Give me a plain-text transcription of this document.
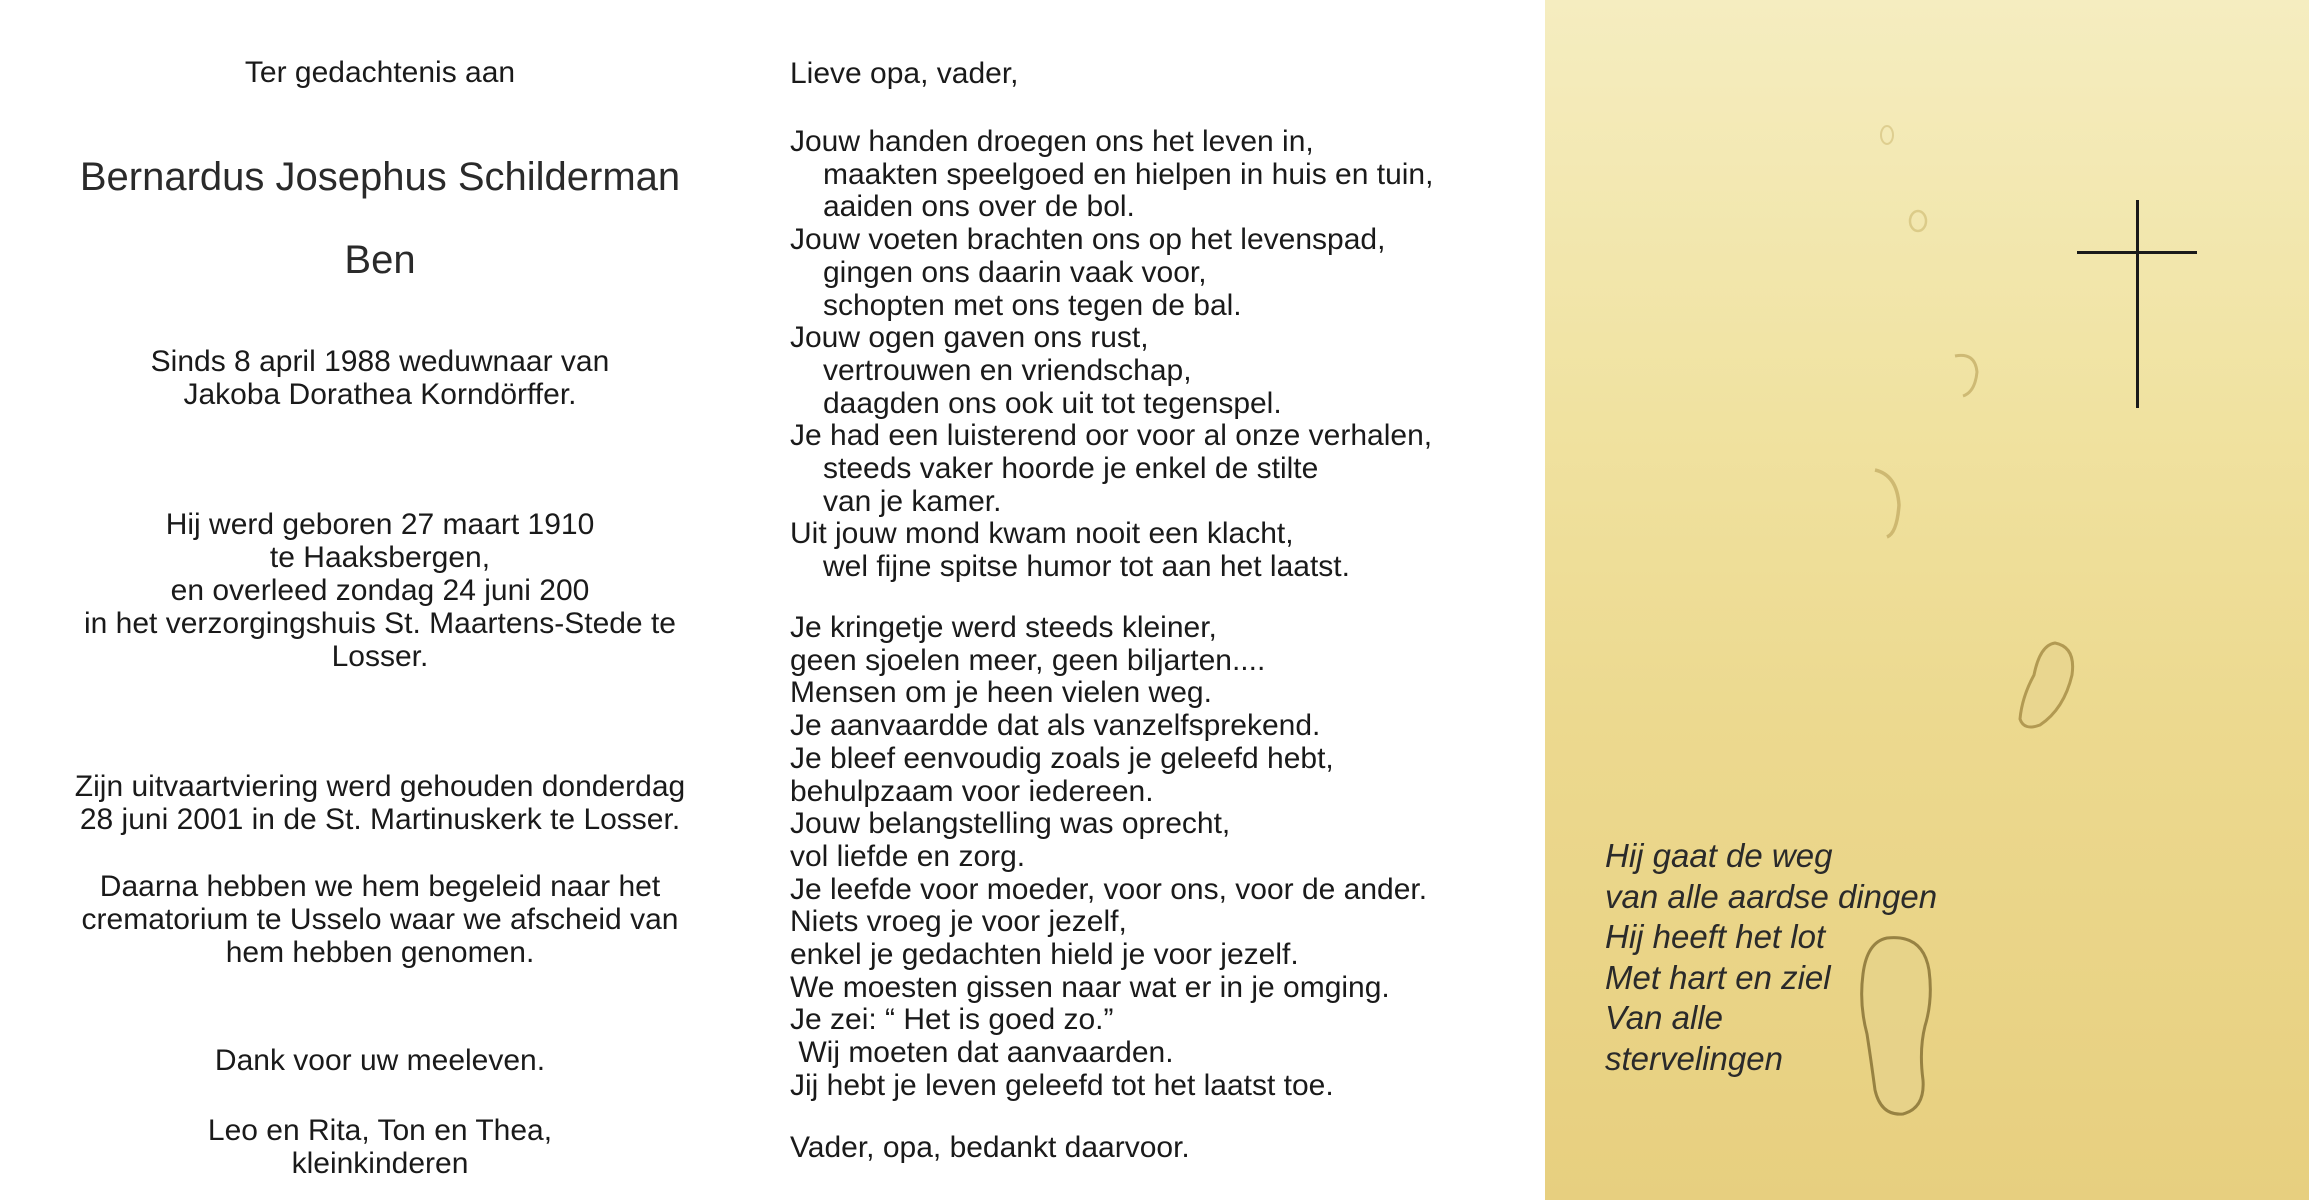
Ter gedachtenis aan
Bernardus Josephus Schilderman
Ben
Sinds 8 april 1988 weduwnaar van
Jakoba Dorathea Korndörffer.
Hij werd geboren 27 maart 1910
te Haaksbergen,
en overleed zondag 24 juni 200
in het verzorgingshuis St. Maartens-Stede te
Losser.
Zijn uitvaartviering werd gehouden donderdag
28 juni 2001 in de St. Martinuskerk te Losser.
Daarna hebben we hem begeleid naar het
crematorium te Usselo waar we afscheid van
hem hebben genomen.
Dank voor uw meeleven.
Leo en Rita, Ton en Thea,
kleinkinderen
Lieve opa, vader,
Jouw handen droegen ons het leven in,
maakten speelgoed en hielpen in huis en tuin,
aaiden ons over de bol.
Jouw voeten brachten ons op het levenspad,
gingen ons daarin vaak voor,
schopten met ons tegen de bal.
Jouw ogen gaven ons rust,
vertrouwen en vriendschap,
daagden ons ook uit tot tegenspel.
Je had een luisterend oor voor al onze verhalen,
steeds vaker hoorde je enkel de stilte
van je kamer.
Uit jouw mond kwam nooit een klacht,
wel fijne spitse humor tot aan het laatst.
Je kringetje werd steeds kleiner,
geen sjoelen meer, geen biljarten....
Mensen om je heen vielen weg.
Je aanvaardde dat als vanzelfsprekend.
Je bleef eenvoudig zoals je geleefd hebt,
behulpzaam voor iedereen.
Jouw belangstelling was oprecht,
vol liefde en zorg.
Je leefde voor moeder, voor ons, voor de ander.
Niets vroeg je voor jezelf,
enkel je gedachten hield je voor jezelf.
We moesten gissen naar wat er in je omging.
Je zei: “ Het is goed zo.”
Wij moeten dat aanvaarden.
Jij hebt je leven geleefd tot het laatst toe.
Vader, opa, bedankt daarvoor.
Hij gaat de weg
van alle aardse dingen
Hij heeft het lot
Met hart en ziel
Van alle
stervelingen
